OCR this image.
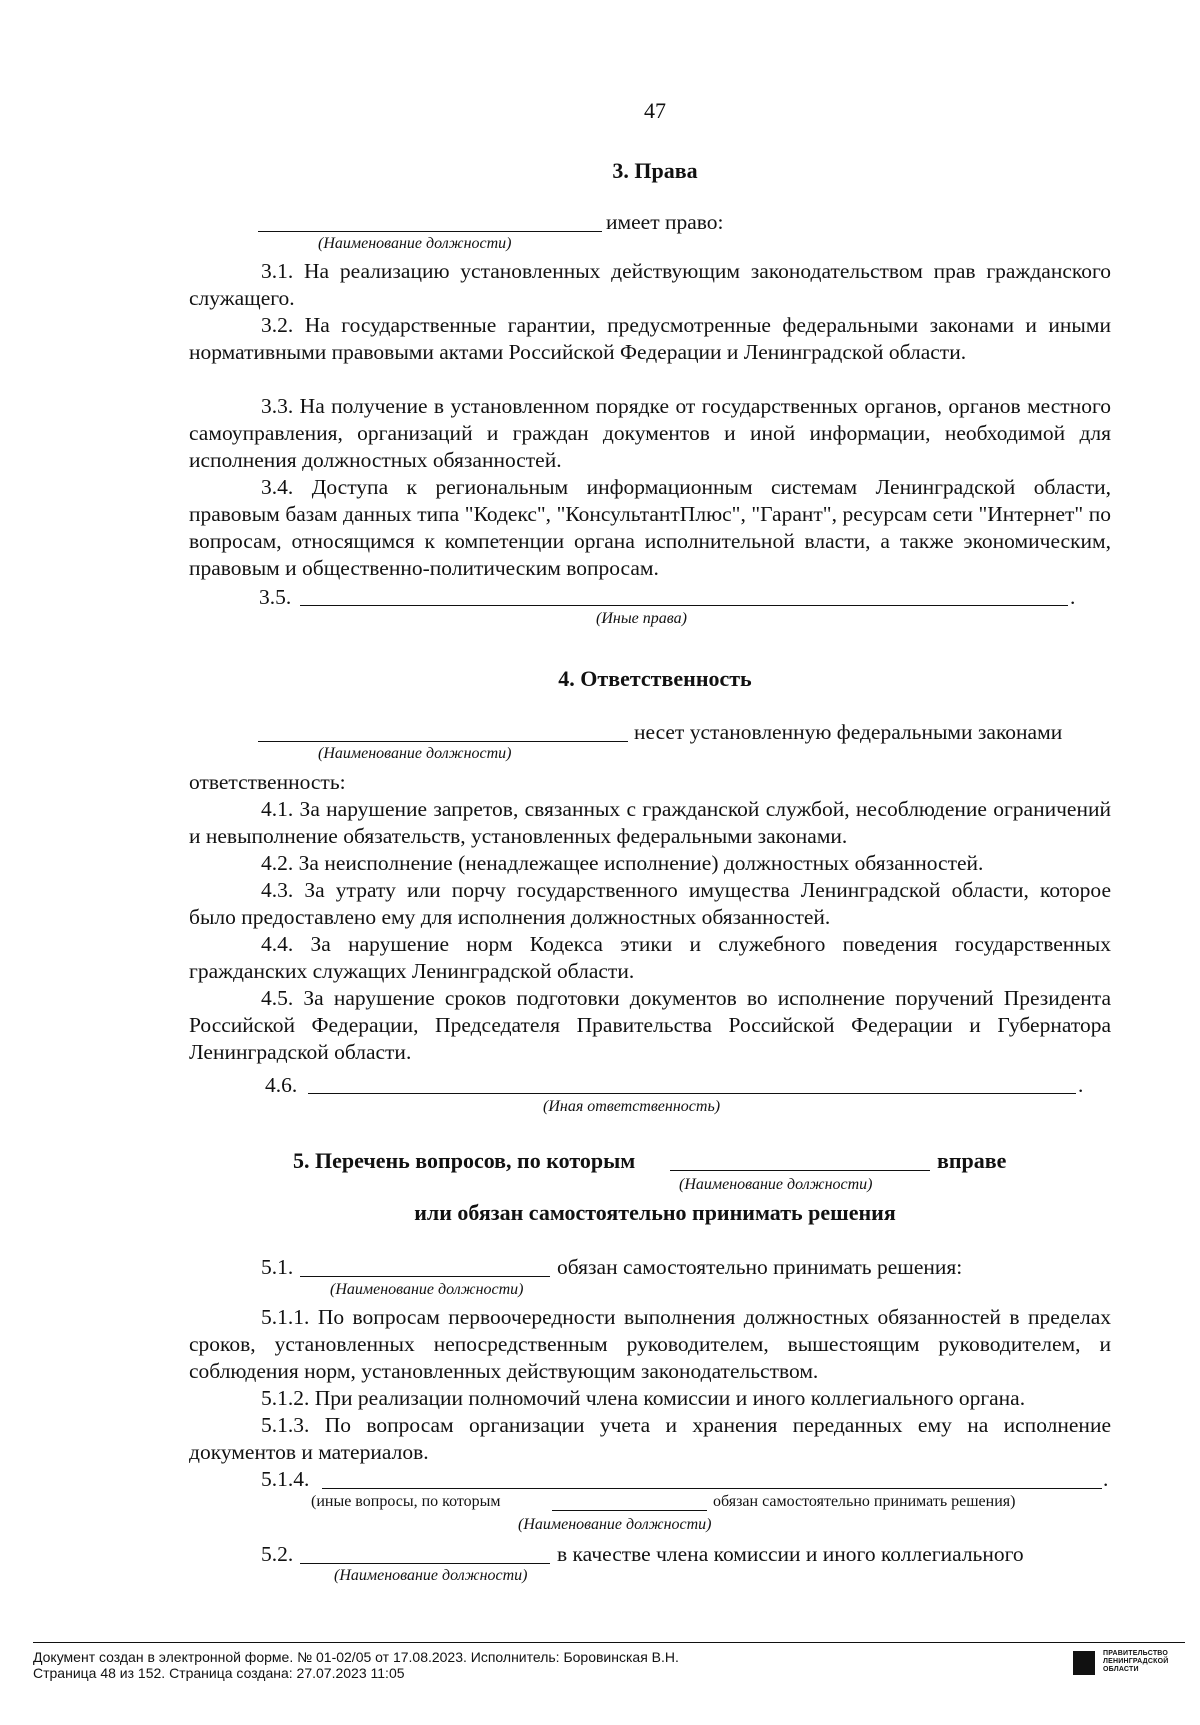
47
3. Права
имеет право:
(Наименование должности)
3.1. На реализацию установленных действующим законодательством прав гражданского служащего.
3.2. На государственные гарантии, предусмотренные федеральными законами и иными нормативными правовыми актами Российской Федерации и Ленинградской области.
3.3. На получение в установленном порядке от государственных органов, органов местного самоуправления, организаций и граждан документов и иной информации, необходимой для исполнения должностных обязанностей.
3.4. Доступа к региональным информационным системам Ленинградской области, правовым базам данных типа "Кодекс", "КонсультантПлюс", "Гарант", ресурсам сети "Интернет" по вопросам, относящимся к компетенции органа исполнительной власти, а также экономическим, правовым и общественно-политическим вопросам.
3.5.	.
(Иные права)
4. Ответственность
несет установленную федеральными законами
(Наименование должности)
ответственность:
4.1. За нарушение запретов, связанных с гражданской службой, несоблюдение ограничений и невыполнение обязательств, установленных федеральными законами.
4.2. За неисполнение (ненадлежащее исполнение) должностных обязанностей.
4.3. За утрату или порчу государственного имущества Ленинградской области, которое было предоставлено ему для исполнения должностных обязанностей.
4.4. За нарушение норм Кодекса этики и служебного поведения государственных гражданских служащих Ленинградской области.
4.5. За нарушение сроков подготовки документов во исполнение поручений Президента Российской Федерации, Председателя Правительства Российской Федерации и Губернатора Ленинградской области.
4.6.	.
(Иная ответственность)
5. Перечень вопросов, по которым	вправе
(Наименование должности)
или обязан самостоятельно принимать решения
5.1.	обязан самостоятельно принимать решения:
(Наименование должности)
5.1.1. По вопросам первоочередности выполнения должностных обязанностей в пределах сроков, установленных непосредственным руководителем, вышестоящим руководителем, и соблюдения норм, установленных действующим законодательством.
5.1.2. При реализации полномочий члена комиссии и иного коллегиального органа.
5.1.3. По вопросам организации учета и хранения переданных ему на исполнение документов и материалов.
5.1.4.	.
(иные вопросы, по которым	обязан самостоятельно принимать решения)
(Наименование должности)
5.2.	в качестве члена комиссии и иного коллегиального
(Наименование должности)
Документ создан в электронной форме. № 01-02/05 от 17.08.2023. Исполнитель: Боровинская В.Н.
Страница 48 из 152. Страница создана: 27.07.2023 11:05
ПРАВИТЕЛЬСТВО
ЛЕНИНГРАДСКОЙ
ОБЛАСТИ
